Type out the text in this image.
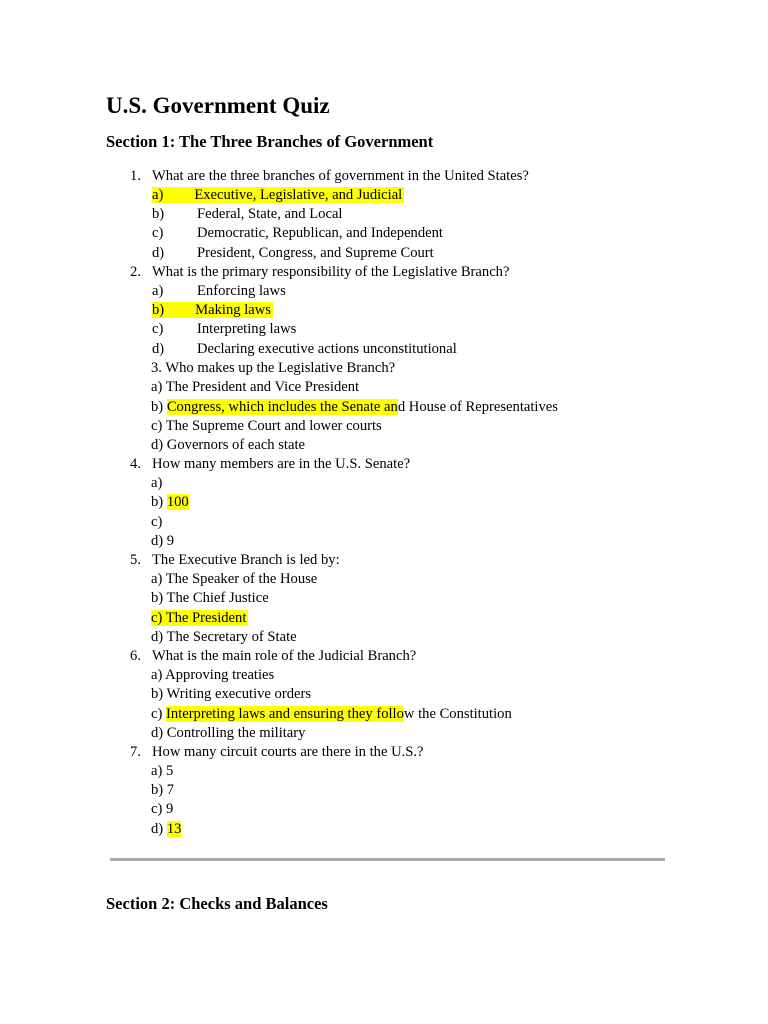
U.S. Government Quiz
Section 1: The Three Branches of Government
1. What are the three branches of government in the United States?
a) Executive, Legislative, and Judicial
b) Federal, State, and Local
c) Democratic, Republican, and Independent
d) President, Congress, and Supreme Court
2. What is the primary responsibility of the Legislative Branch?
a) Enforcing laws
b) Making laws
c) Interpreting laws
d) Declaring executive actions unconstitutional
3. Who makes up the Legislative Branch?
a) The President and Vice President
b) Congress, which includes the Senate and House of Representatives
c) The Supreme Court and lower courts
d) Governors of each state
4. How many members are in the U.S. Senate?
a)
b) 100
c)
d) 9
5. The Executive Branch is led by:
a) The Speaker of the House
b) The Chief Justice
c) The President
d) The Secretary of State
6. What is the main role of the Judicial Branch?
a) Approving treaties
b) Writing executive orders
c) Interpreting laws and ensuring they follow the Constitution
d) Controlling the military
7. How many circuit courts are there in the U.S.?
a) 5
b) 7
c) 9
d) 13
Section 2: Checks and Balances
